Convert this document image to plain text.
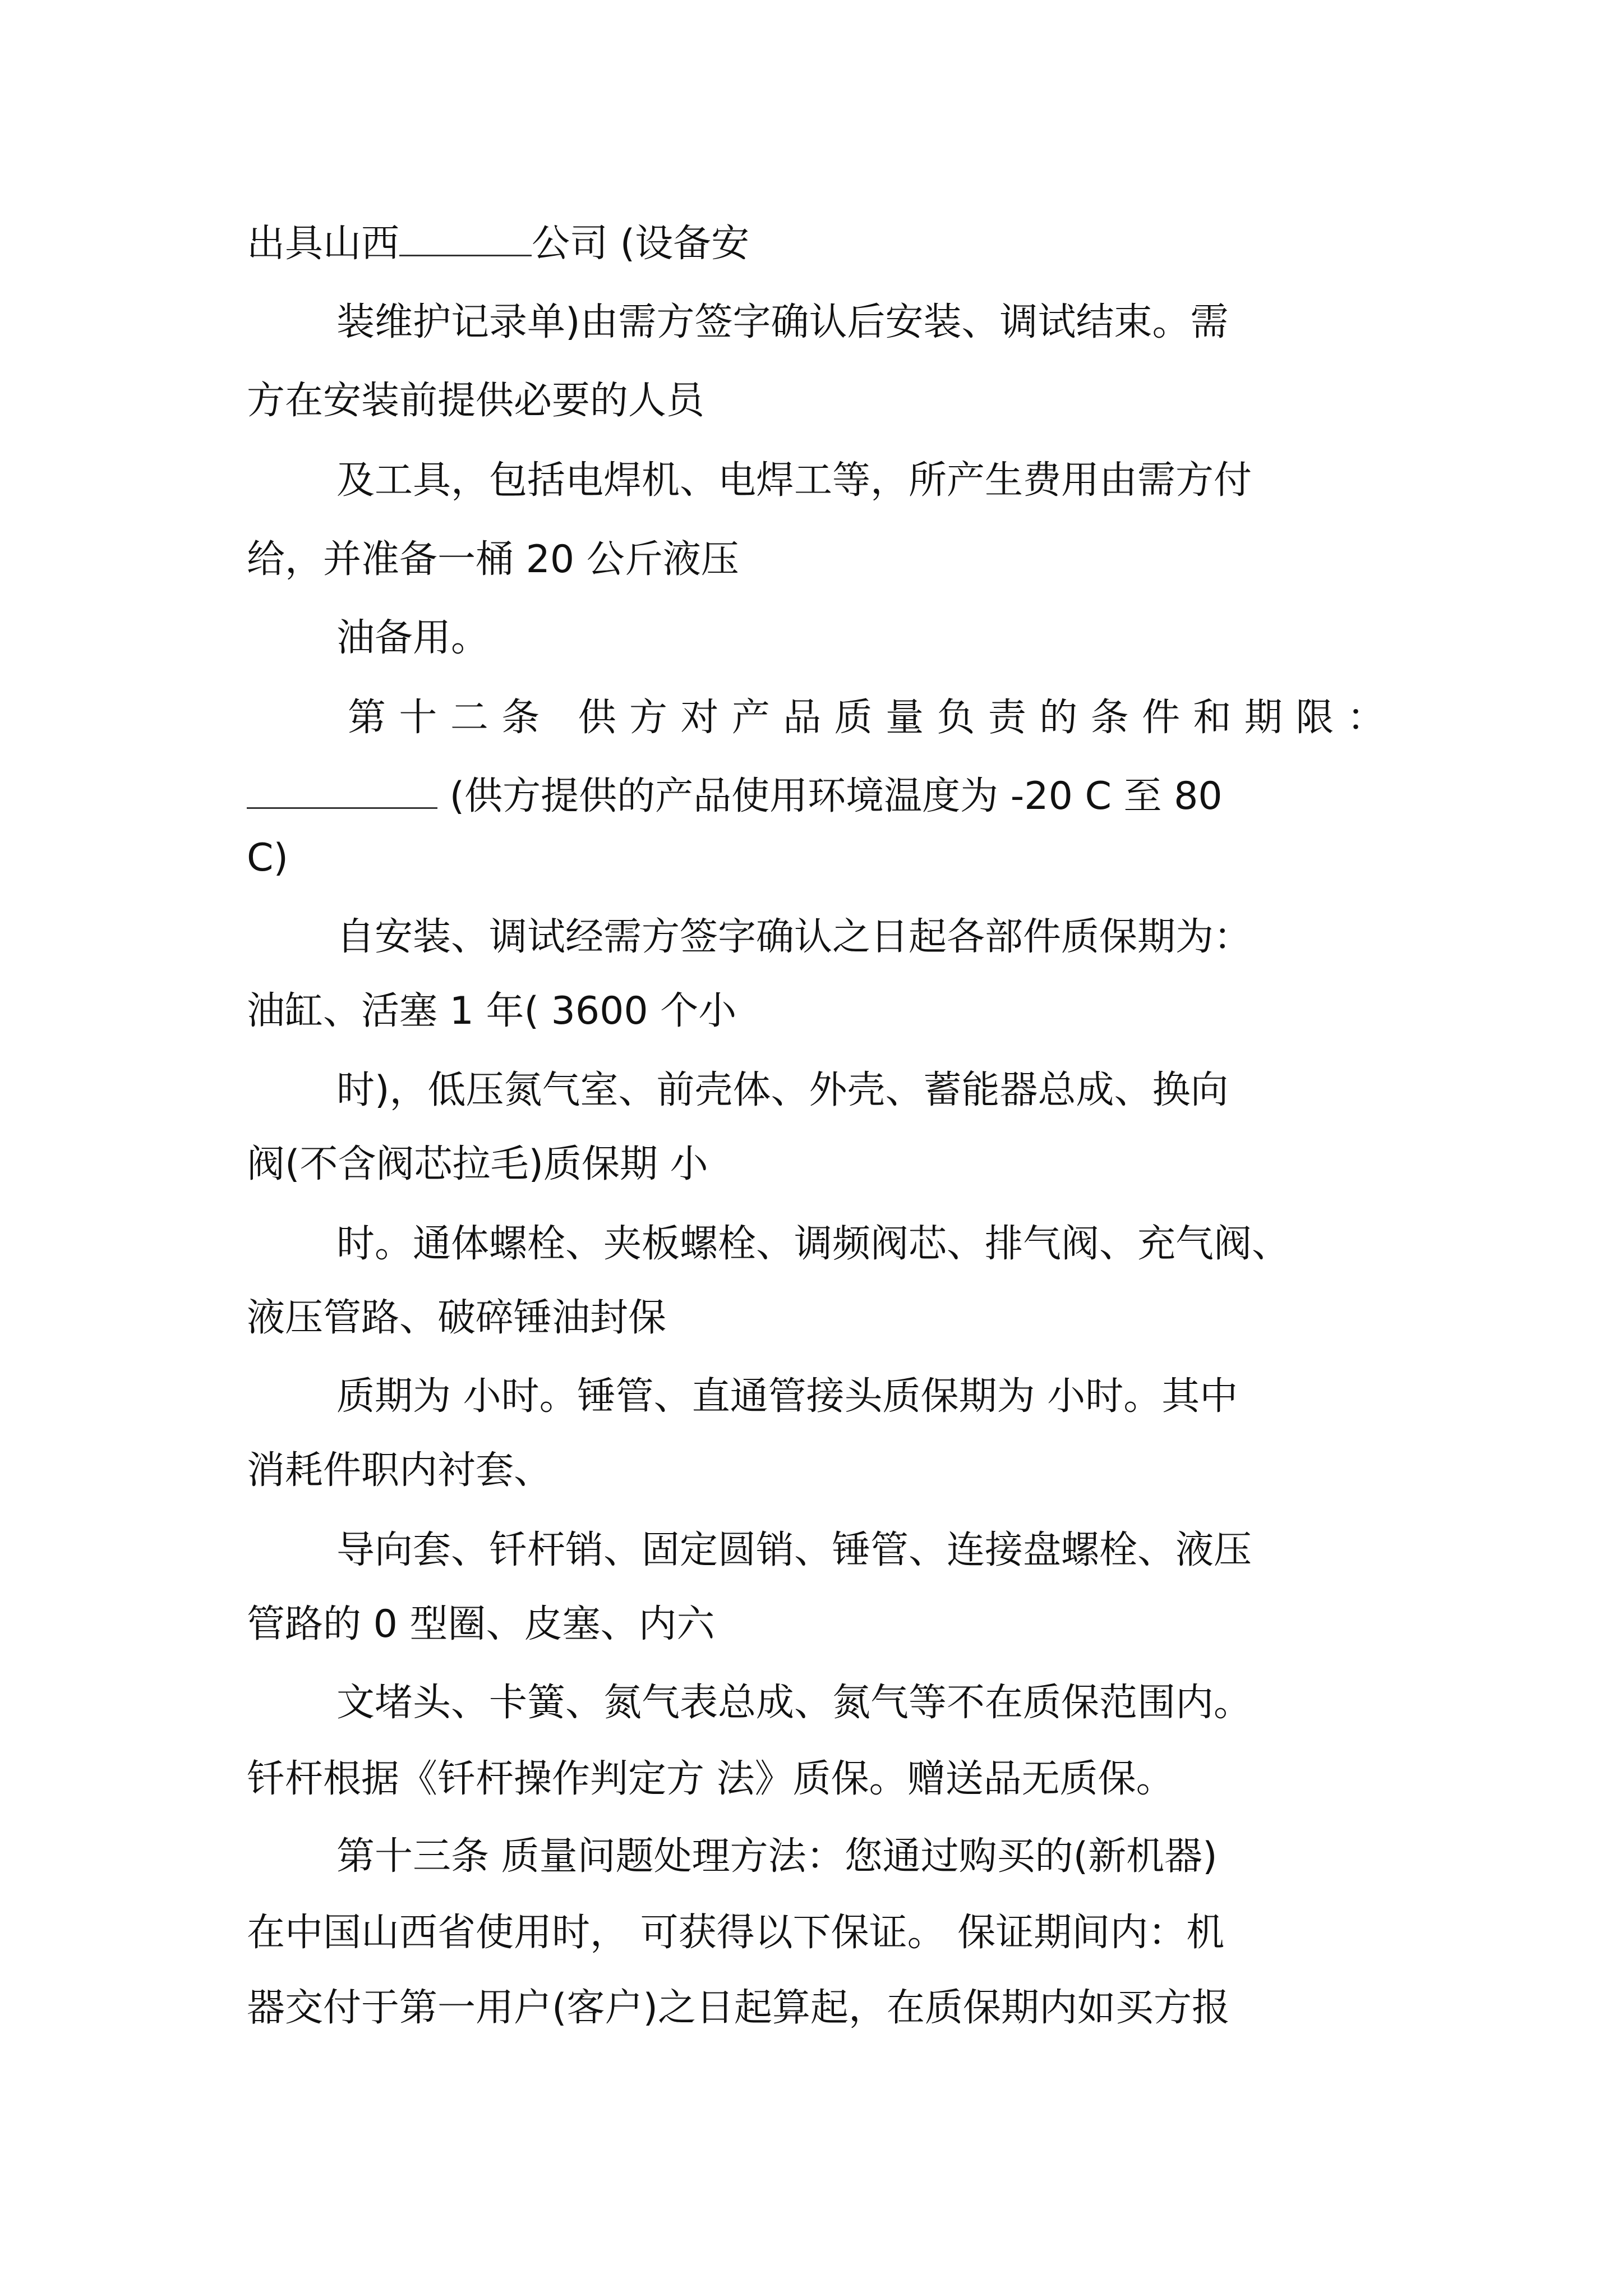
出具山西	公司 (设备安

装维护记录单)由需方签字确认后安装、调试结束。需

方在安装前提供必要的人员

及工具，包括电焊机、电焊工等，所产生费用由需方付

给，并准备一桶 20 公斤液压

油备用。

第 十 二 条
供 方 对 产 品 质 量 负 责 的 条 件 和 期 限 ：

(供方提供的产品使用环境温度为 -20 C 至 80

C)

自安装、调试经需方签字确认之日起各部件质保期为：

油缸、活塞 1 年( 3600 个小

时)，低压氮气室、前壳体、外壳、蓄能器总成、换向

阀(不含阀芯拉毛)质保期 小

时。通体螺栓、夹板螺栓、调频阀芯、排气阀、充气阀、

液压管路、破碎锤油封保

质期为 小时。锤管、直通管接头质保期为 小时。其中

消耗件职内衬套、

导向套、钎杆销、固定圆销、锤管、连接盘螺栓、液压

管路的 0 型圈、皮塞、内六

文堵头、卡簧、氮气表总成、氮气等不在质保范围内。

钎杆根据《钎杆操作判定方 法》质保。赠送品无质保。

第十三条 质量问题处理方法：您通过购买的(新机器)

在中国山西省使用时， 可获得以下保证。 保证期间内：机

器交付于第一用户(客户)之日起算起，在质保期内如买方报
